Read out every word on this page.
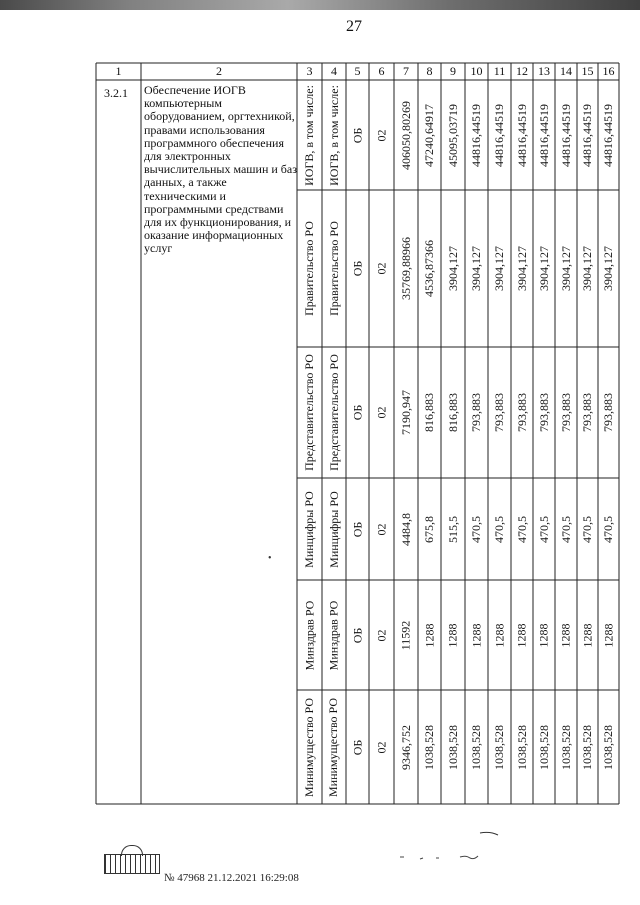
27
1	2	3 4 5 6 7 8 9 10 11 12 13 14 15 16
ИОГВ, в том числе: ИОГВ, в том числе: ОБ 02 406050,80269 47240,64917 45095,03719 44816,44519 44816,44519 44816,44519 44816,44519 44816,44519 44816,44519 44816,44519
Правительство РО Правительство РО ОБ 02 35769,88966 4536,87366 3904,127 3904,127 3904,127 3904,127 3904,127 3904,127 3904,127 3904,127
Представительство РО Представительство РО ОБ 02 7190,947 816,883 816,883 793,883 793,883 793,883 793,883 793,883 793,883 793,883
Минцифры РО Минцифры РО ОБ 02 4484,8 675,8 515,5 470,5 470,5 470,5 470,5 470,5 470,5 470,5
Минздрав РО Минздрав РО ОБ 02 11592 1288 1288 1288 1288 1288 1288 1288 1288 1288
Минимущество РО Минимущество РО ОБ 02 9346,752 1038,528 1038,528 1038,528 1038,528 1038,528 1038,528 1038,528 1038,528 1038,528
3.2.1 Обеспечение ИОГВ компьютерным оборудованием, оргтехникой, правами использования программного обеспечения для электронных вычислительных машин и баз данных, а также техническими и программными средствами для их функционирования, и оказание информационных услуг
•
№ 47968 21.12.2021 16:29:08
